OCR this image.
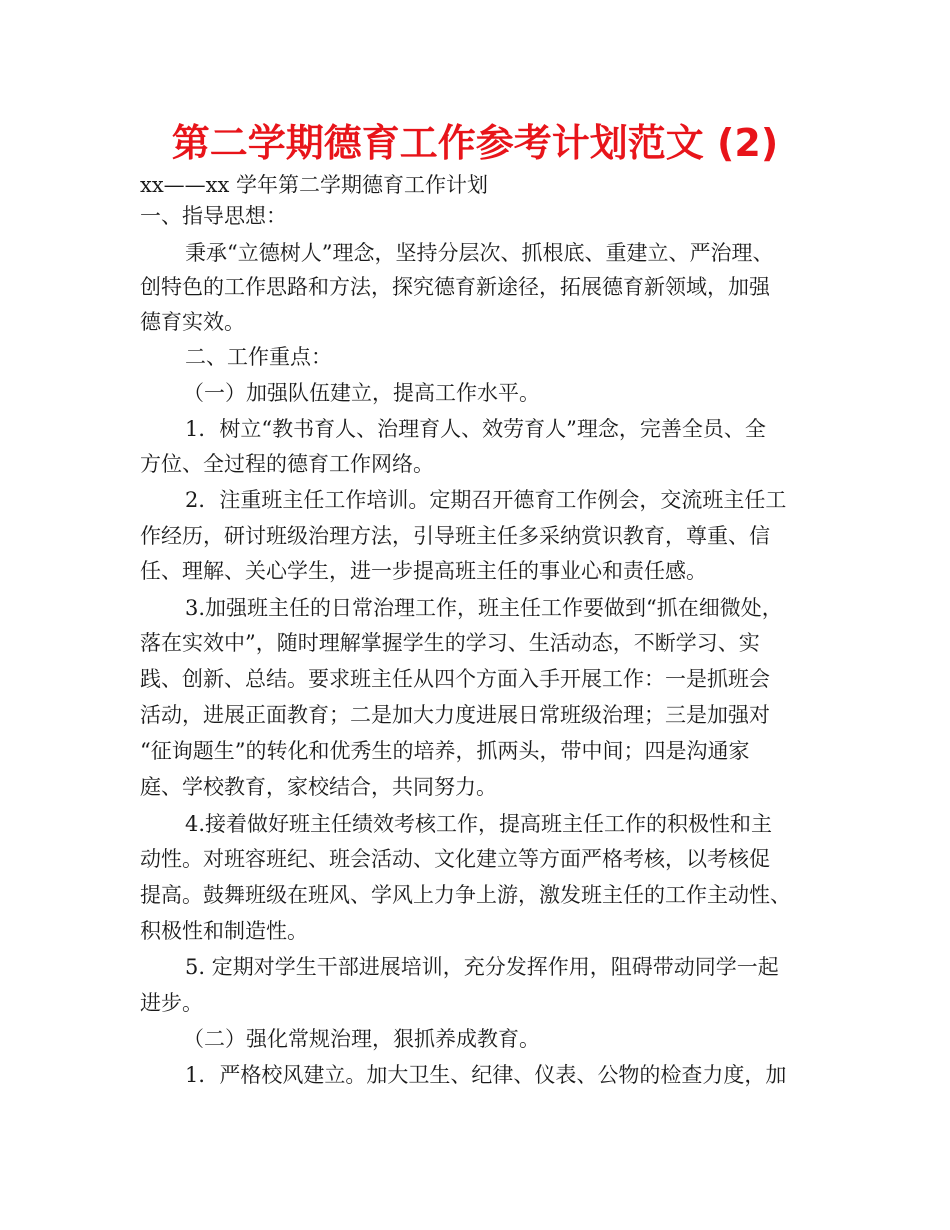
第二学期德育工作参考计划范文 (2)
xx——xx 学年第二学期德育工作计划
一、指导思想：
秉承“立德树人”理念，坚持分层次、抓根底、重建立、严治理、
创特色的工作思路和方法，探究德育新途径，拓展德育新领域，加强
德育实效。
二、工作重点：
（一）加强队伍建立，提高工作水平。
1．树立“教书育人、治理育人、效劳育人”理念，完善全员、全
方位、全过程的德育工作网络。
2．注重班主任工作培训。定期召开德育工作例会，交流班主任工
作经历，研讨班级治理方法，引导班主任多采纳赏识教育，尊重、信
任、理解、关心学生，进一步提高班主任的事业心和责任感。
3.加强班主任的日常治理工作，班主任工作要做到“抓在细微处，
落在实效中”，随时理解掌握学生的学习、生活动态，不断学习、实
践、创新、总结。要求班主任从四个方面入手开展工作：一是抓班会
活动，进展正面教育；二是加大力度进展日常班级治理；三是加强对
“征询题生”的转化和优秀生的培养，抓两头，带中间；四是沟通家
庭、学校教育，家校结合，共同努力。
4.接着做好班主任绩效考核工作，提高班主任工作的积极性和主
动性。对班容班纪、班会活动、文化建立等方面严格考核，以考核促
提高。鼓舞班级在班风、学风上力争上游，激发班主任的工作主动性、
积极性和制造性。
5. 定期对学生干部进展培训，充分发挥作用，阻碍带动同学一起
进步。
（二）强化常规治理，狠抓养成教育。
1．严格校风建立。加大卫生、纪律、仪表、公物的检查力度，加
